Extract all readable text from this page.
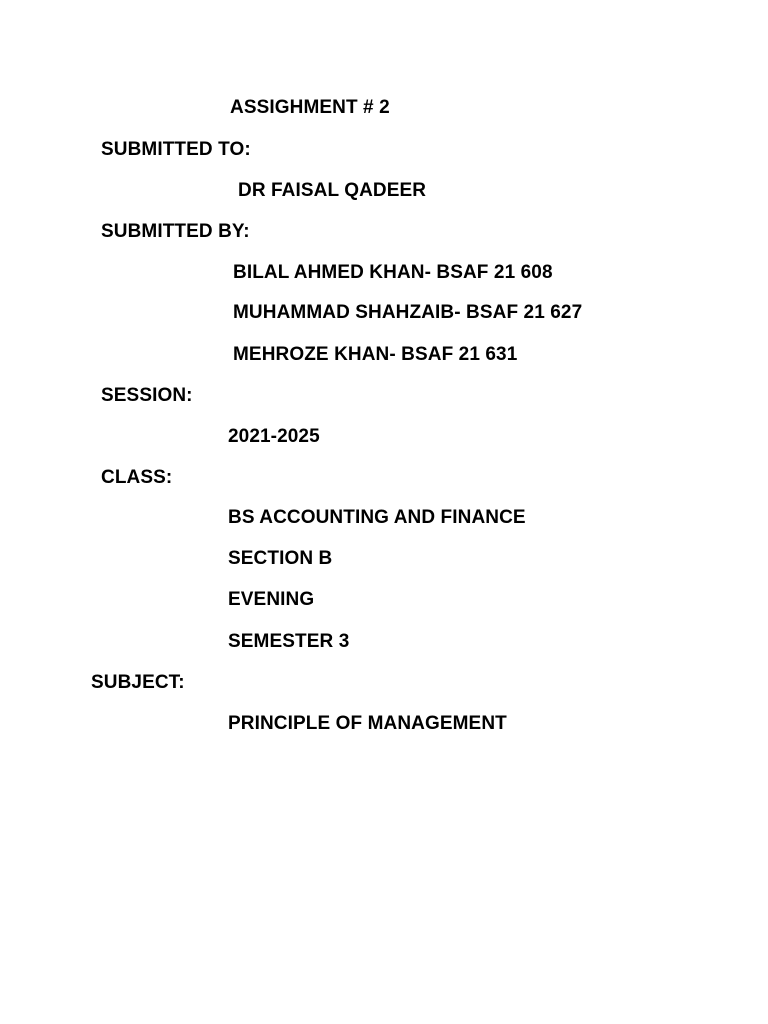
ASSIGHMENT # 2
SUBMITTED TO:
DR FAISAL QADEER
SUBMITTED BY:
BILAL AHMED KHAN- BSAF 21 608
MUHAMMAD SHAHZAIB- BSAF 21 627
MEHROZE KHAN- BSAF 21 631
SESSION:
2021-2025
CLASS:
BS ACCOUNTING AND FINANCE
SECTION B
EVENING
SEMESTER 3
SUBJECT:
PRINCIPLE OF MANAGEMENT
